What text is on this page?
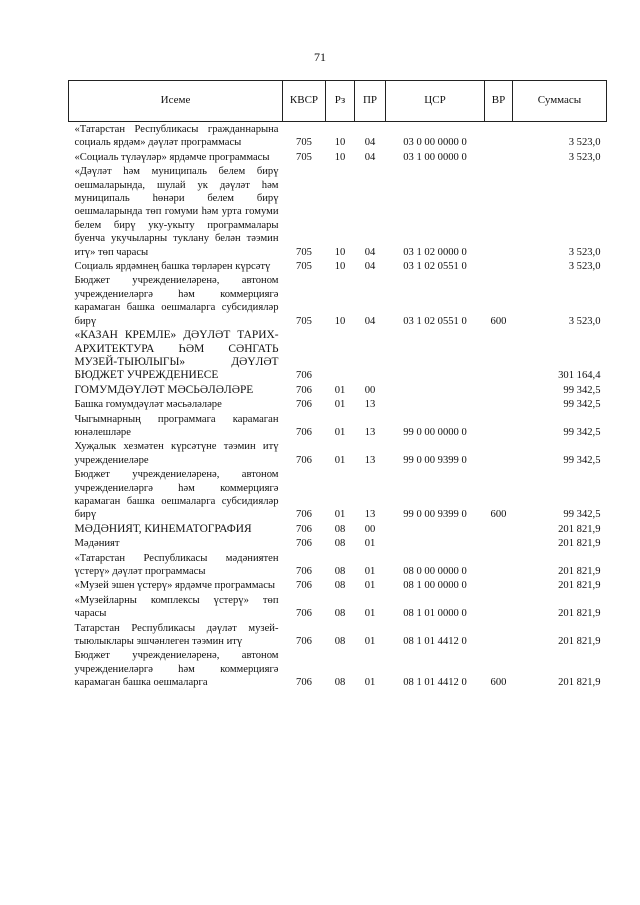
71
Исеме	КВСР	Рз	ПР	ЦСР	ВР	Суммасы
«Татарстан Республикасы гражданнарына социаль ярдәм» дәүләт программасы	705	10	04	03 0 00 0000 0		3 523,0
«Социаль түләүләр» ярдәмче программасы	705	10	04	03 1 00 0000 0		3 523,0
«Дәүләт һәм муниципаль белем бирү оешмаларында, шулай ук дәүләт һәм муниципаль һөнәри белем бирү оешмаларында төп гомуми һәм урта гомуми белем бирү уку-укыту программалары буенча укучыларны туклану белән тәэмин итү» төп чарасы	705	10	04	03 1 02 0000 0		3 523,0
Социаль ярдәмнең башка төрләрен күрсәтү	705	10	04	03 1 02 0551 0		3 523,0
Бюджет учреждениеләренә, автоном учреждениеләргә һәм коммерциягә карамаган башка оешмаларга субсидияләр бирү	705	10	04	03 1 02 0551 0	600	3 523,0
«КАЗАН КРЕМЛЕ» ДӘҮЛӘТ ТАРИХ-АРХИТЕКТУРА ҺӘМ СӘНГАТЬ МУЗЕЙ-ТЫЮЛЫГЫ» ДӘҮЛӘТ БЮДЖЕТ УЧРЕЖДЕНИЕСЕ	706					301 164,4
ГОМУМДӘҮЛӘТ МӘСЬӘЛӘЛӘРЕ	706	01	00			99 342,5
Башка гомумдәүләт мәсьәләләре	706	01	13			99 342,5
Чыгымнарның программага карамаган юнәлешләре	706	01	13	99 0 00 0000 0		99 342,5
Хуҗалык хезмәтен күрсәтүне тәэмин итү учреждениеләре	706	01	13	99 0 00 9399 0		99 342,5
Бюджет учреждениеләренә, автоном учреждениеләргә һәм коммерциягә карамаган башка оешмаларга субсидияләр бирү	706	01	13	99 0 00 9399 0	600	99 342,5
МӘДӘНИЯТ, КИНЕМАТОГРАФИЯ	706	08	00			201 821,9
Мәдәният	706	08	01			201 821,9
«Татарстан Республикасы мәдәниятен үстерү» дәүләт программасы	706	08	01	08 0 00 0000 0		201 821,9
«Музей эшен үстерү» ярдәмче программасы	706	08	01	08 1 00 0000 0		201 821,9
«Музейларны комплексы үстерү» төп чарасы	706	08	01	08 1 01 0000 0		201 821,9
Татарстан Республикасы дәүләт музей-тыюлыклары эшчәнлеген тәэмин итү	706	08	01	08 1 01 4412 0		201 821,9
Бюджет учреждениеләренә, автоном учреждениеләргә һәм коммерциягә карамаган башка оешмаларга	706	08	01	08 1 01 4412 0	600	201 821,9
